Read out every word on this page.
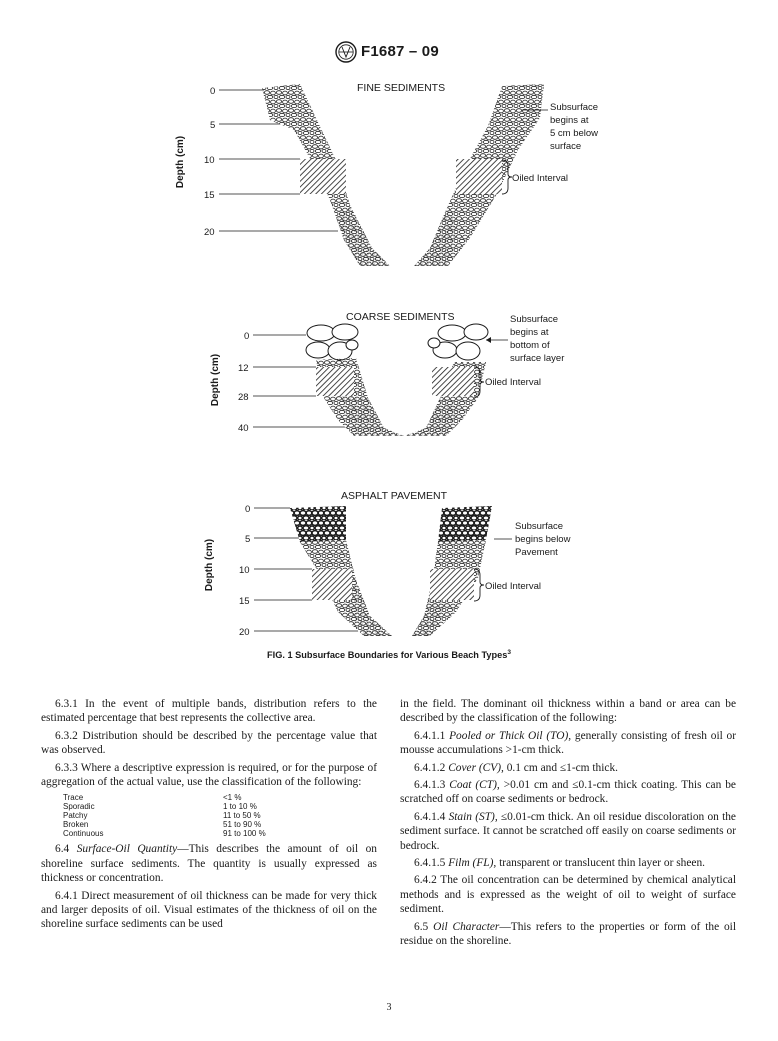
F1687 – 09
FINE SEDIMENTS
Depth (cm)
0
5
10
15
20
Oiled Interval
Subsurface
begins at
5 cm below
surface
COARSE SEDIMENTS
Depth (cm)
0
12
28
40
Oiled Interval
Subsurface
begins at
bottom of
surface layer
ASPHALT PAVEMENT
Depth (cm)
0
5
10
15
20
Oiled Interval
Subsurface
begins below
Pavement
FIG. 1 Subsurface Boundaries for Various Beach Types$^3$

6.3.1 In the event of multiple bands, distribution refers to the estimated percentage that best represents the collective area.

6.3.2 Distribution should be described by the percentage value that was observed.

6.3.3 Where a descriptive expression is required, or for the purpose of aggregation of the actual value, use the classification of the following:

Trace	<1 %
Sporadic	1 to 10 %
Patchy	11 to 50 %
Broken	51 to 90 %
Continuous	91 to 100 %

6.4 Surface-Oil Quantity—This describes the amount of oil on shoreline surface sediments. The quantity is usually expressed as thickness or concentration.

6.4.1 Direct measurement of oil thickness can be made for very thick and larger deposits of oil. Visual estimates of the thickness of oil on the shoreline surface sediments can be used

in the field. The dominant oil thickness within a band or area can be described by the classification of the following:

6.4.1.1 Pooled or Thick Oil (TO), generally consisting of fresh oil or mousse accumulations >1-cm thick.

6.4.1.2 Cover (CV), 0.1 cm and ≤1-cm thick.

6.4.1.3 Coat (CT), >0.01 cm and ≤0.1-cm thick coating. This can be scratched off on coarse sediments or bedrock.

6.4.1.4 Stain (ST), ≤0.01-cm thick. An oil residue discoloration on the sediment surface. It cannot be scratched off easily on coarse sediments or bedrock.

6.4.1.5 Film (FL), transparent or translucent thin layer or sheen.

6.4.2 The oil concentration can be determined by chemical analytical methods and is expressed as the weight of oil to weight of surface sediment.

6.5 Oil Character—This refers to the properties or form of the oil residue on the shoreline.

3
